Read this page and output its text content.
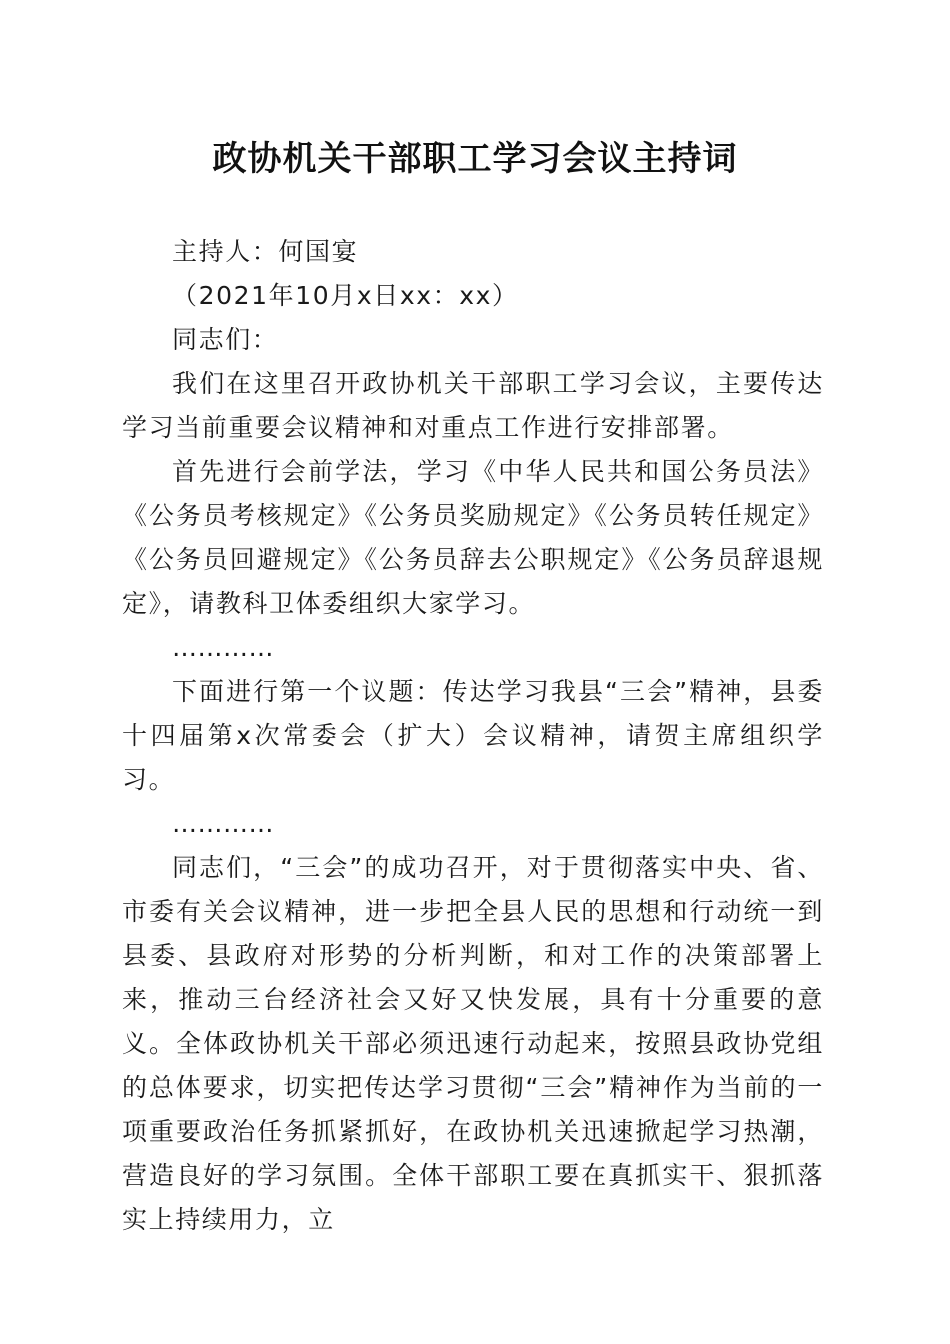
政协机关干部职工学习会议主持词

主持人：何国宴

（2021年10月x日xx：xx）

同志们：

我们在这里召开政协机关干部职工学习会议，主要传达学习当前重要会议精神和对重点工作进行安排部署。

首先进行会前学法，学习《中华人民共和国公务员法》《公务员考核规定》《公务员奖励规定》《公务员转任规定》《公务员回避规定》《公务员辞去公职规定》《公务员辞退规定》，请教科卫体委组织大家学习。

…………

下面进行第一个议题：传达学习我县“三会”精神，县委十四届第x次常委会（扩大）会议精神，请贺主席组织学习。

…………

同志们，“三会”的成功召开，对于贯彻落实中央、省、市委有关会议精神，进一步把全县人民的思想和行动统一到县委、县政府对形势的分析判断，和对工作的决策部署上来，推动三台经济社会又好又快发展，具有十分重要的意义。全体政协机关干部必须迅速行动起来，按照县政协党组的总体要求，切实把传达学习贯彻“三会”精神作为当前的一项重要政治任务抓紧抓好，在政协机关迅速掀起学习热潮，营造良好的学习氛围。全体干部职工要在真抓实干、狠抓落实上持续用力，立
